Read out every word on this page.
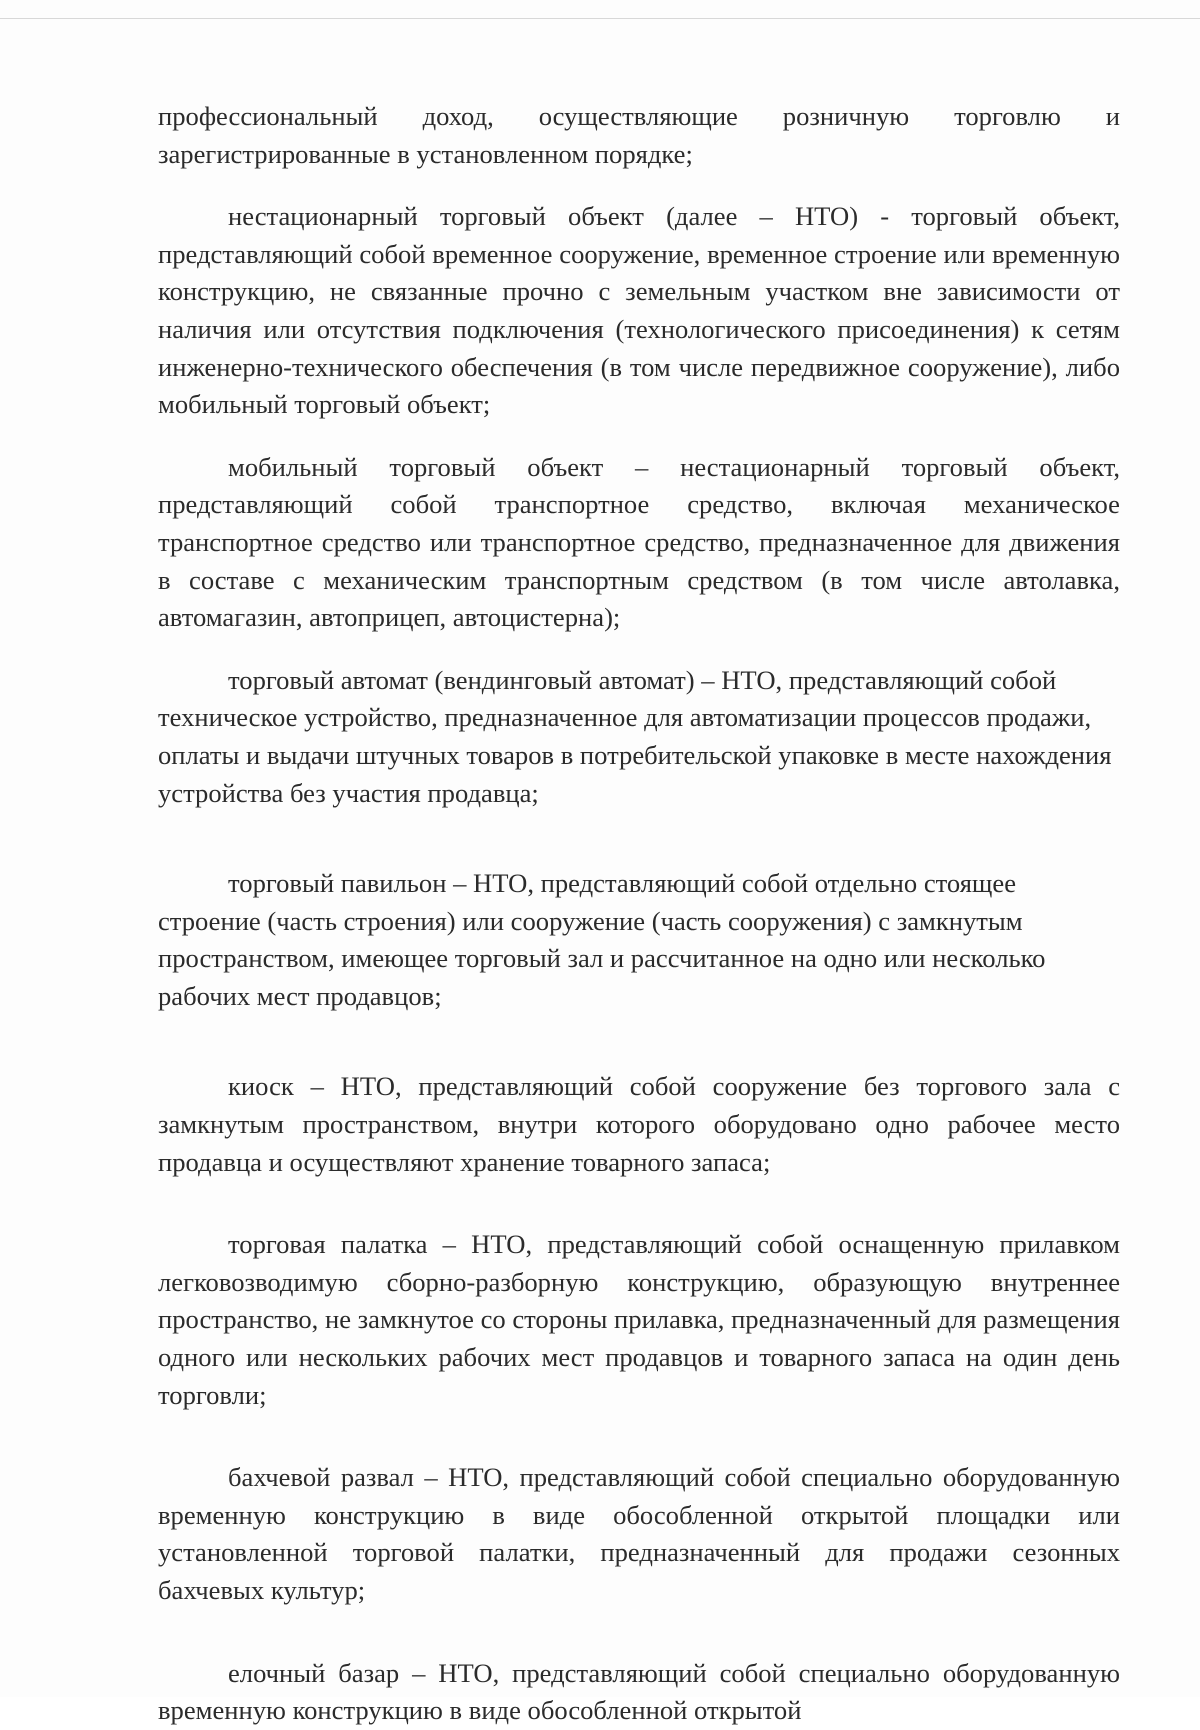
профессиональный доход, осуществляющие розничную торговлю и зарегистрированные в установленном порядке;

нестационарный торговый объект (далее – НТО) - торговый объект, представляющий собой временное сооружение, временное строение или временную конструкцию, не связанные прочно с земельным участком вне зависимости от наличия или отсутствия подключения (технологического присоединения) к сетям инженерно-технического обеспечения (в том числе передвижное сооружение), либо мобильный торговый объект;

мобильный торговый объект – нестационарный торговый объект, представляющий собой транспортное средство, включая механическое транспортное средство или транспортное средство, предназначенное для движения в составе с механическим транспортным средством (в том числе автолавка, автомагазин, автоприцеп, автоцистерна);

торговый автомат (вендинговый автомат) – НТО, представляющий собой техническое устройство, предназначенное для автоматизации процессов продажи, оплаты и выдачи штучных товаров в потребительской упаковке в месте нахождения устройства без участия продавца;

торговый павильон – НТО, представляющий собой отдельно стоящее строение (часть строения) или сооружение (часть сооружения) с замкнутым пространством, имеющее торговый зал и рассчитанное на одно или несколько рабочих мест продавцов;

киоск – НТО, представляющий собой сооружение без торгового зала с замкнутым пространством, внутри которого оборудовано одно рабочее место продавца и осуществляют хранение товарного запаса;

торговая палатка – НТО, представляющий собой оснащенную прилавком легковозводимую сборно-разборную конструкцию, образующую внутреннее пространство, не замкнутое со стороны прилавка, предназначенный для размещения одного или нескольких рабочих мест продавцов и товарного запаса на один день торговли;

бахчевой развал – НТО, представляющий собой специально оборудованную временную конструкцию в виде обособленной открытой площадки или установленной торговой палатки, предназначенный для продажи сезонных бахчевых культур;

елочный базар – НТО, представляющий собой специально оборудованную временную конструкцию в виде обособленной открытой
